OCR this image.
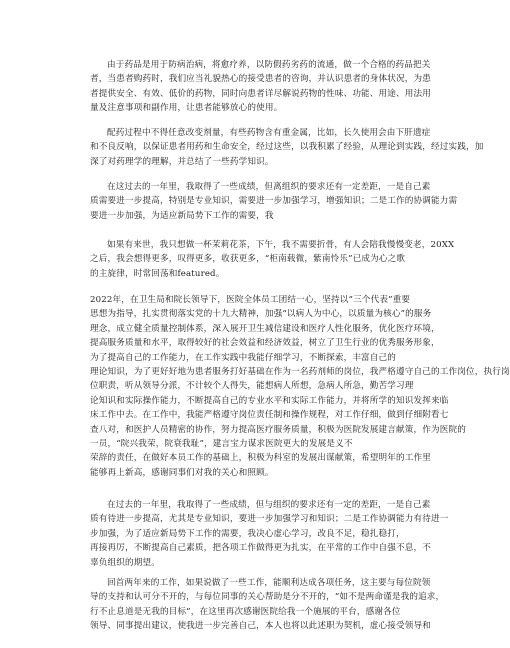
由于药品是用于防病治病，将愈疗养，以防假药劣药的流通，做一个合格的药品把关
者，当患者购药时，我们应当礼貌热心的接受患者的咨询，并认识患者的身体状况，为患
者提供安全、有效、低价的药物，同时向患者详尽解说药物的性味、功能、用途、用法用
量及注意事项和副作用，让患者能够放心的使用。
配药过程中不得任意改变剂量，有些药物含有重金属，比如，长久使用会由下肝遗症
和不良反响，以保证患者用药和生命安全，经过这些，以我积累了经验，从理论到实践，经过实践，加
深了对药理学的理解，并总结了一些药学知识。
在这过去的一年里，我取得了一些成绩，但离组织的要求还有一定差距，一是自己素
质需要进一步提高，特别是专业知识，需要进一步加强学习，增强知识；二是工作的协调能力需
要进一步加强，为适应新局势下工作的需要，我
如果有来世，我只想做一杯茉莉花茶，下午，我不需要折骨，有人会陪我慢慢变老，20XX
之后，我会想得更多，叹得更多，收获更多，“柜南载微，紫南怜乐”已成为心之歌
的主旋律，时常回荡和featured。
2022年，在卫生局和院长领导下，医院全体员工团结一心，坚持以“三个代表”重要
思想为指导，扎实贯彻落实党的十九大精神，加强“以病人为中心，以质量为核心”的服务
理念，成立健全质量控制体系，深入展开卫生减信建设和医疗人性化服务，优化医疗环境，
提高服务质量和水平，取得较好的社会效益和经济效益，树立了卫生行业的优秀服务形象，
为了提高自己的工作能力，在工作实践中我能仔细学习，不断探索，丰富自己的
理论知识，为了更好好地为患者服务打好基础在作为一名药剂师的岗位，我严格遵守自己的工作岗位，执行岗
位职责，听从领导分派，不计较个人得失，能想病人所想，急病人所急，勤苦学习理
论知识和实际操作能力，不断提高自己的专业水平和实际工作能力，并将所学的知识发挥来临
床工作中去。在工作中，我能严格遵守岗位责任制和操作规程，对工作仔细，做到仔细附看七
查八对，和医护人员精密的协作，努力提高医疗服务质量，积极为医院发展建言献策，作为医院的
一员，“院兴我荣，院衰我耻”，建言宝力谋求医院更大的发展是义不
荣辞的责任，在做好本员工作的基础上，积极为科室的发展出谋献策，希望明年的工作里
能够再上新高，感谢同事们对我的关心和照顾。
在过去的一年里，我取得了一些成绩，但与组织的要求还有一定的差距，一是自己素
质有待进一步提高，尤其是专业知识，要进一步加强学习和知识；二是工作协调能力有待进一
步加强，为了适应新局势下工作的需要，我决心虚心学习，改良不足，稳扎稳打，
再接再厉，不断提高自己素质，把各项工作做得更为扎实，在平常的工作中自强不息，不
辜负组织的期望。
回首两年来的工作，如果说做了一些工作，能顺利达成各项任务，这主要与每位院领
导的支持和认可分不开的，与每位同事的关心帮助是分不开的，“如不是两命谨是我的追求，
行不止息道是无我的目标”，在这里再次感谢医院给我一个施展的平台，感谢各位
领导、同事提出建议，使我进一步完善自己，本人也将以此述职为契机，虚心接受领导和
